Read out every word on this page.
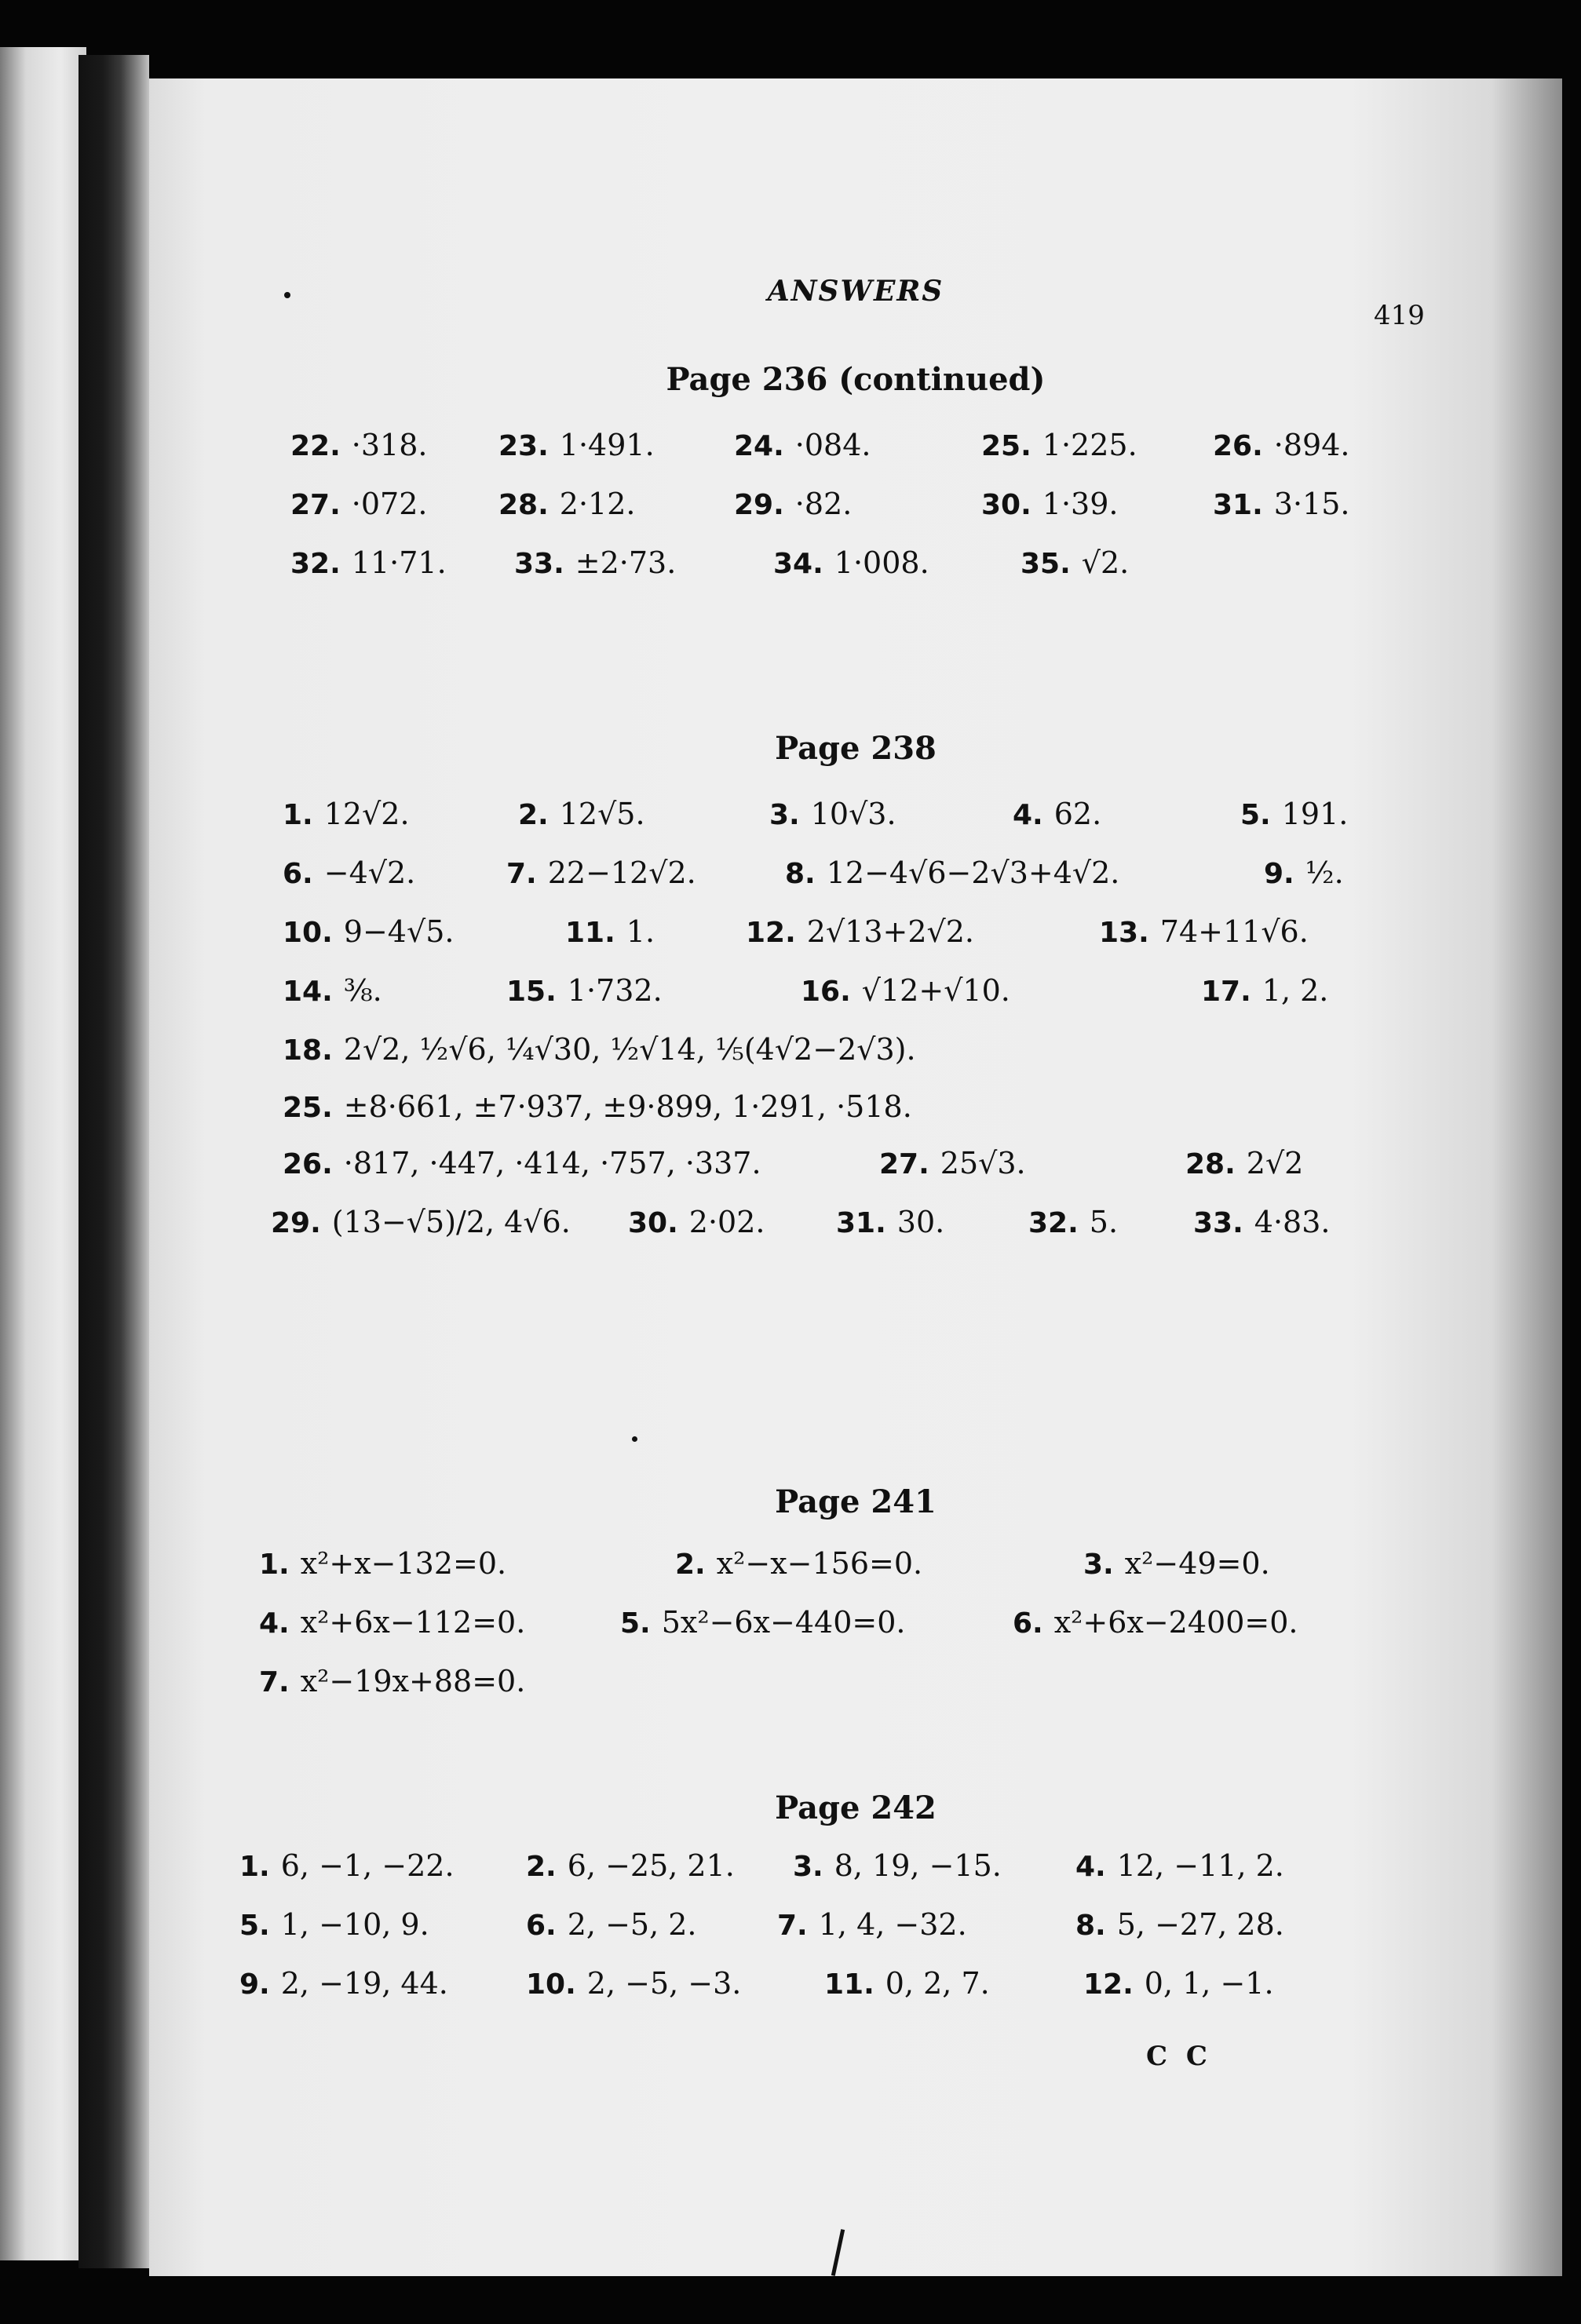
ANSWERS
419
C C
Page 236 (continued)
22. ·318.	23. 1·491.	24. ·084.	25. 1·225.	26. ·894.
27. ·072.	28. 2·12.	29. ·82.	30. 1·39.	31. 3·15.
32. 11·71. 33. ±2·73.	34. 1·008.	35. √2.
Page 238
1. 12√2.	2. 12√5.	3. 10√3.	4. 62.	5. 191.
6. −4√2.	7. 22−12√2.	8. 12−4√6−2√3+4√2.	9. ½.
10. 9−4√5.	11. 1.	12. 2√13+2√2.	13. 74+11√6.
14. ⅜.	15. 1·732.	16. √12+√10.	17. 1, 2.
18. 2√2, ½√6, ¼√30, ½√14, ⅕(4√2−2√3).
25. ±8·661, ±7·937, ±9·899, 1·291, ·518.
26. ·817, ·447, ·414, ·757, ·337.	27. 25√3.	28. 2√2
29. (13−√5)/2, 4√6. 30. 2·02.	31. 30.	32. 5.	33. 4·83.
Page 241
1. x²+x−132=0.	2. x²−x−156=0.	3. x²−49=0.
4. x²+6x−112=0.	5. 5x²−6x−440=0.	6. x²+6x−2400=0.
7. x²−19x+88=0.
Page 242
1. 6, −1, −22.	2. 6, −25, 21. 3. 8, 19, −15.	4. 12, −11, 2.
5. 1, −10, 9.	6. 2, −5, 2.	7. 1, 4, −32.	8. 5, −27, 28.
9. 2, −19, 44.	10. 2, −5, −3.	11. 0, 2, 7.	12. 0, 1, −1.
